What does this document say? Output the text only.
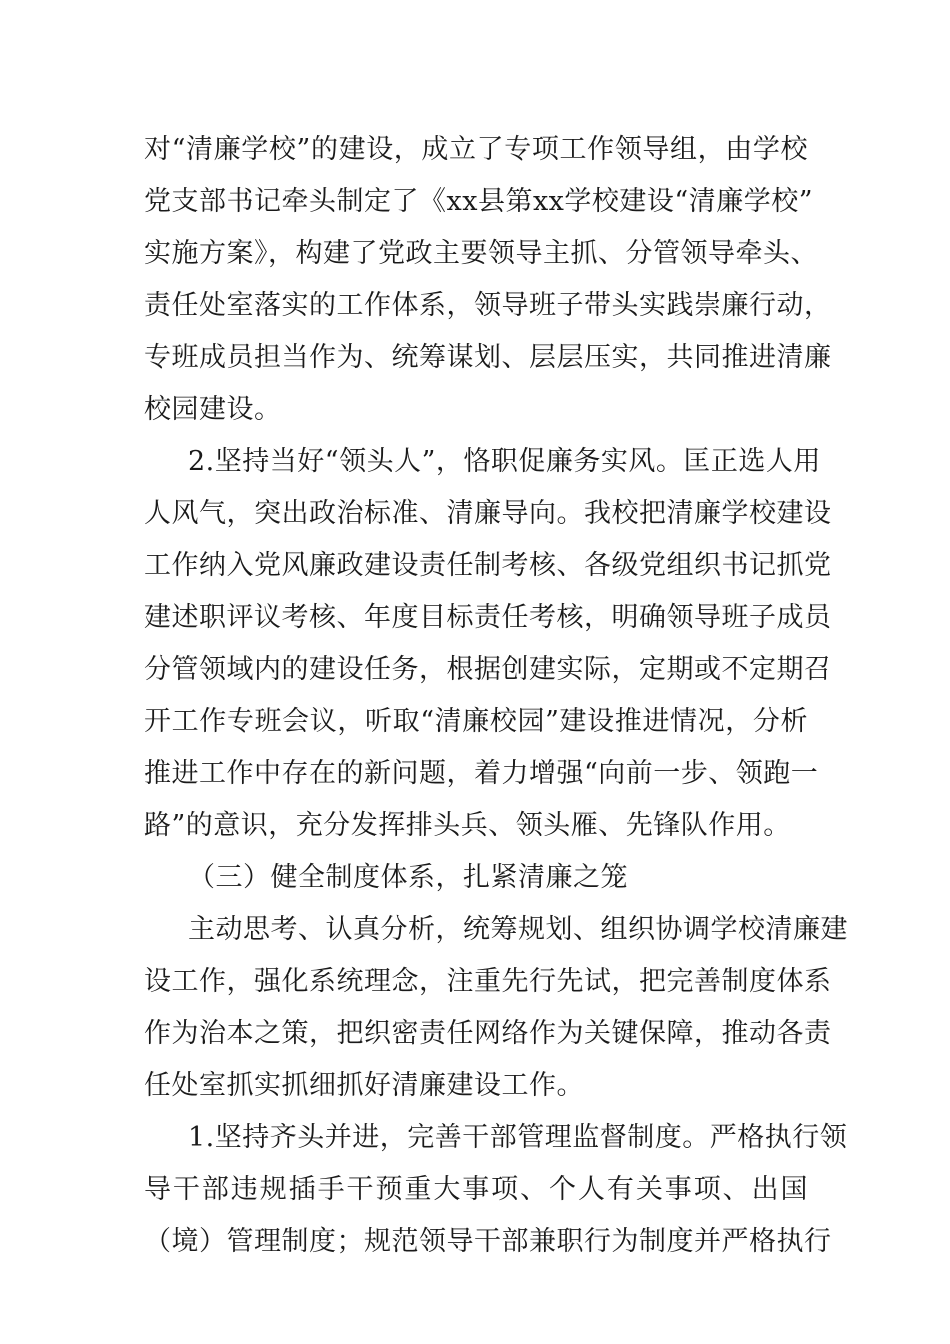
对“清廉学校”的建设，成立了专项工作领导组，由学校
党支部书记牵头制定了《xx县第xx学校建设“清廉学校”
实施方案》，构建了党政主要领导主抓、分管领导牵头、
责任处室落实的工作体系，领导班子带头实践崇廉行动，
专班成员担当作为、统筹谋划、层层压实，共同推进清廉
校园建设。
2.坚持当好“领头人”，恪职促廉务实风。匡正选人用
人风气，突出政治标准、清廉导向。我校把清廉学校建设
工作纳入党风廉政建设责任制考核、各级党组织书记抓党
建述职评议考核、年度目标责任考核，明确领导班子成员
分管领域内的建设任务，根据创建实际，定期或不定期召
开工作专班会议，听取“清廉校园”建设推进情况，分析
推进工作中存在的新问题，着力增强“向前一步、领跑一
路”的意识，充分发挥排头兵、领头雁、先锋队作用。
（三）健全制度体系，扎紧清廉之笼
主动思考、认真分析，统筹规划、组织协调学校清廉建
设工作，强化系统理念，注重先行先试，把完善制度体系
作为治本之策，把织密责任网络作为关键保障，推动各责
任处室抓实抓细抓好清廉建设工作。
1.坚持齐头并进，完善干部管理监督制度。严格执行领
导干部违规插手干预重大事项、个人有关事项、出国
（境）管理制度；规范领导干部兼职行为制度并严格执行
